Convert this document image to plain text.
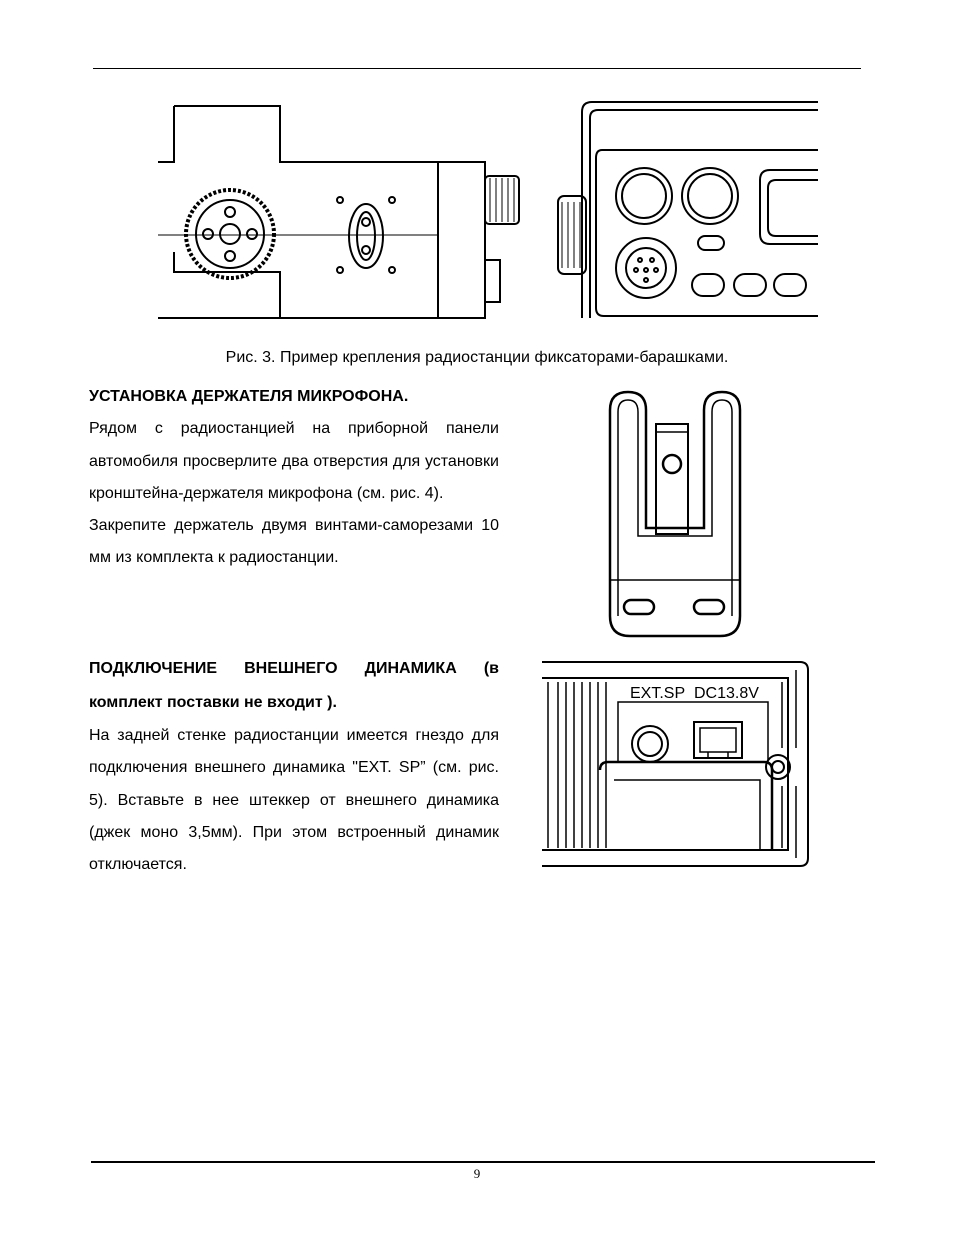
Рис. 3. Пример крепления радиостанции фиксаторами-барашками.
УСТАНОВКА ДЕРЖАТЕЛЯ МИКРОФОНА.

Рядом с радиостанцией на приборной панели автомобиля просверлите два отверстия для установки кронштейна-держателя микрофона (см. рис. 4).

Закрепите держатель двумя винтами-саморезами 10 мм из комплекта к радиостанции.

ПОДКЛЮЧЕНИЕ ВНЕШНЕГО ДИНАМИКА (в комплект поставки не входит ).

На задней стенке радиостанции имеется гнездо для подключения внешнего динамика "EXT. SP” (см. рис. 5). Вставьте в нее штеккер от внешнего динамика (джек моно 3,5мм). При этом встроенный динамик отключается.

EXT.SP DC13.8V
9
